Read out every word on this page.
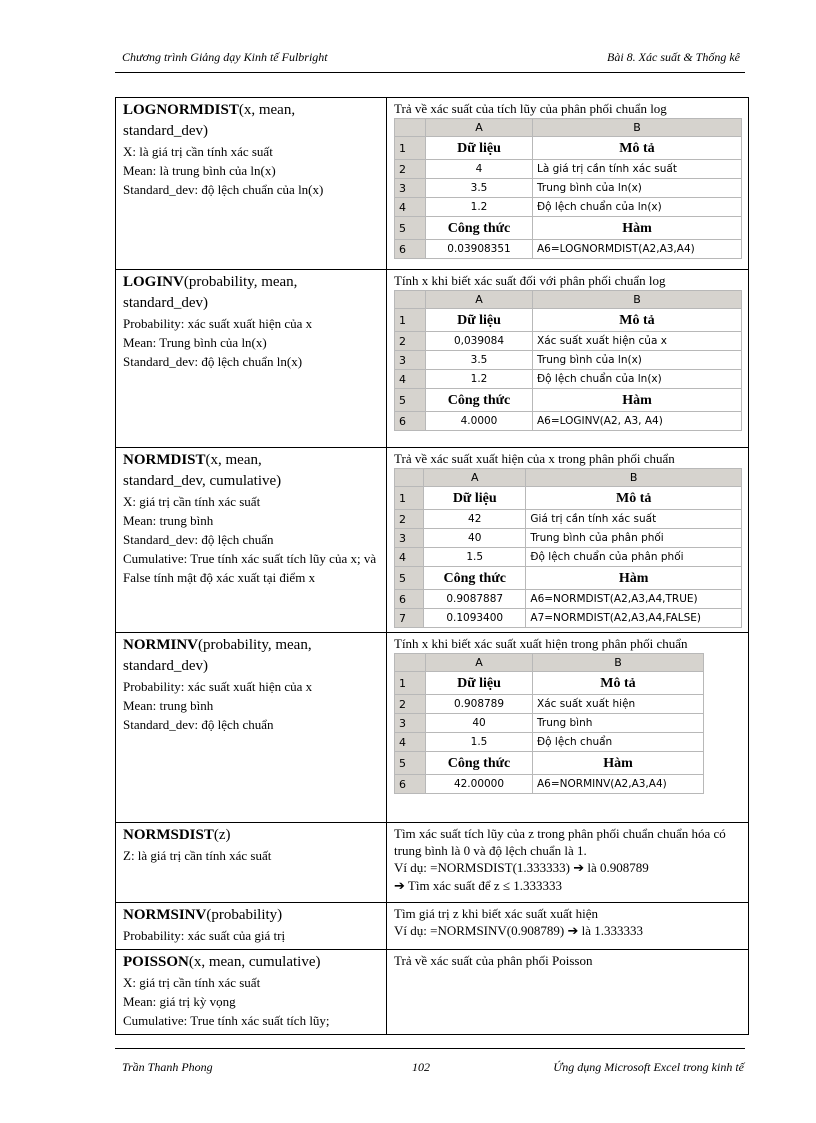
Chương trình Giảng dạy Kinh tế Fulbright	Bài 8. Xác suất & Thống kê
LOGNORMDIST(x, mean,
standard_dev)
X: là giá trị cần tính xác suất
Mean: là trung bình của ln(x)
Standard_dev: độ lệch chuẩn của ln(x)

Trả về xác suất của tích lũy của phân phối chuẩn log
	A	B
1	Dữ liệu	Mô tả
2	4	Là giá trị cần tính xác suất
3	3.5	Trung bình của ln(x)
4	1.2	Độ lệch chuẩn của ln(x)
5	Công thức	Hàm
6	0.03908351	A6=LOGNORMDIST(A2,A3,A4)

LOGINV(probability, mean,
standard_dev)
Probability: xác suất xuất hiện của x
Mean: Trung bình của ln(x)
Standard_dev: độ lệch chuẩn ln(x)

Tính x khi biết xác suất đối với phân phối chuẩn log
	A	B
1	Dữ liệu	Mô tả
2	0,039084	Xác suất xuất hiện của x
3	3.5	Trung bình của ln(x)
4	1.2	Độ lệch chuẩn của ln(x)
5	Công thức	Hàm
6	4.0000	A6=LOGINV(A2, A3, A4)

NORMDIST(x, mean,
standard_dev, cumulative)
X: giá trị cần tính xác suất
Mean: trung bình
Standard_dev: độ lệch chuẩn
Cumulative: True tính xác suất tích lũy của x; và False tính mật độ xác xuất tại điểm x

Trả về xác suất xuất hiện của x trong phân phối chuẩn
	A	B
1	Dữ liệu	Mô tả
2	42	Giá trị cần tính xác suất
3	40	Trung bình của phân phối
4	1.5	Độ lệch chuẩn của phân phối
5	Công thức	Hàm
6	0.9087887	A6=NORMDIST(A2,A3,A4,TRUE)
7	0.1093400	A7=NORMDIST(A2,A3,A4,FALSE)

NORMINV(probability, mean,
standard_dev)
Probability: xác suất xuất hiện của x
Mean: trung bình
Standard_dev: độ lệch chuẩn

Tính x khi biết xác suất xuất hiện trong phân phối chuẩn
	A	B
1	Dữ liệu	Mô tả
2	0.908789	Xác suất xuất hiện
3	40	Trung bình
4	1.5	Độ lệch chuẩn
5	Công thức	Hàm
6	42.00000	A6=NORMINV(A2,A3,A4)

NORMSDIST(z)
Z: là giá trị cần tính xác suất

Tìm xác suất tích lũy của z trong phân phối chuẩn chuẩn hóa có trung bình là 0 và độ lệch chuẩn là 1.
Ví dụ: =NORMSDIST(1.333333) ➔ là 0.908789
➔ Tìm xác suất để z ≤ 1.333333

NORMSINV(probability)
Probability: xác suất của giá trị

Tìm giá trị z khi biết xác suất xuất hiện
Ví dụ: =NORMSINV(0.908789) ➔ là 1.333333

POISSON(x, mean, cumulative)
X: giá trị cần tính xác suất
Mean: giá trị kỳ vọng
Cumulative: True tính xác suất tích lũy;

Trả về xác suất của phân phối Poisson
Trần Thanh Phong	102	Ứng dụng Microsoft Excel trong kinh tế
